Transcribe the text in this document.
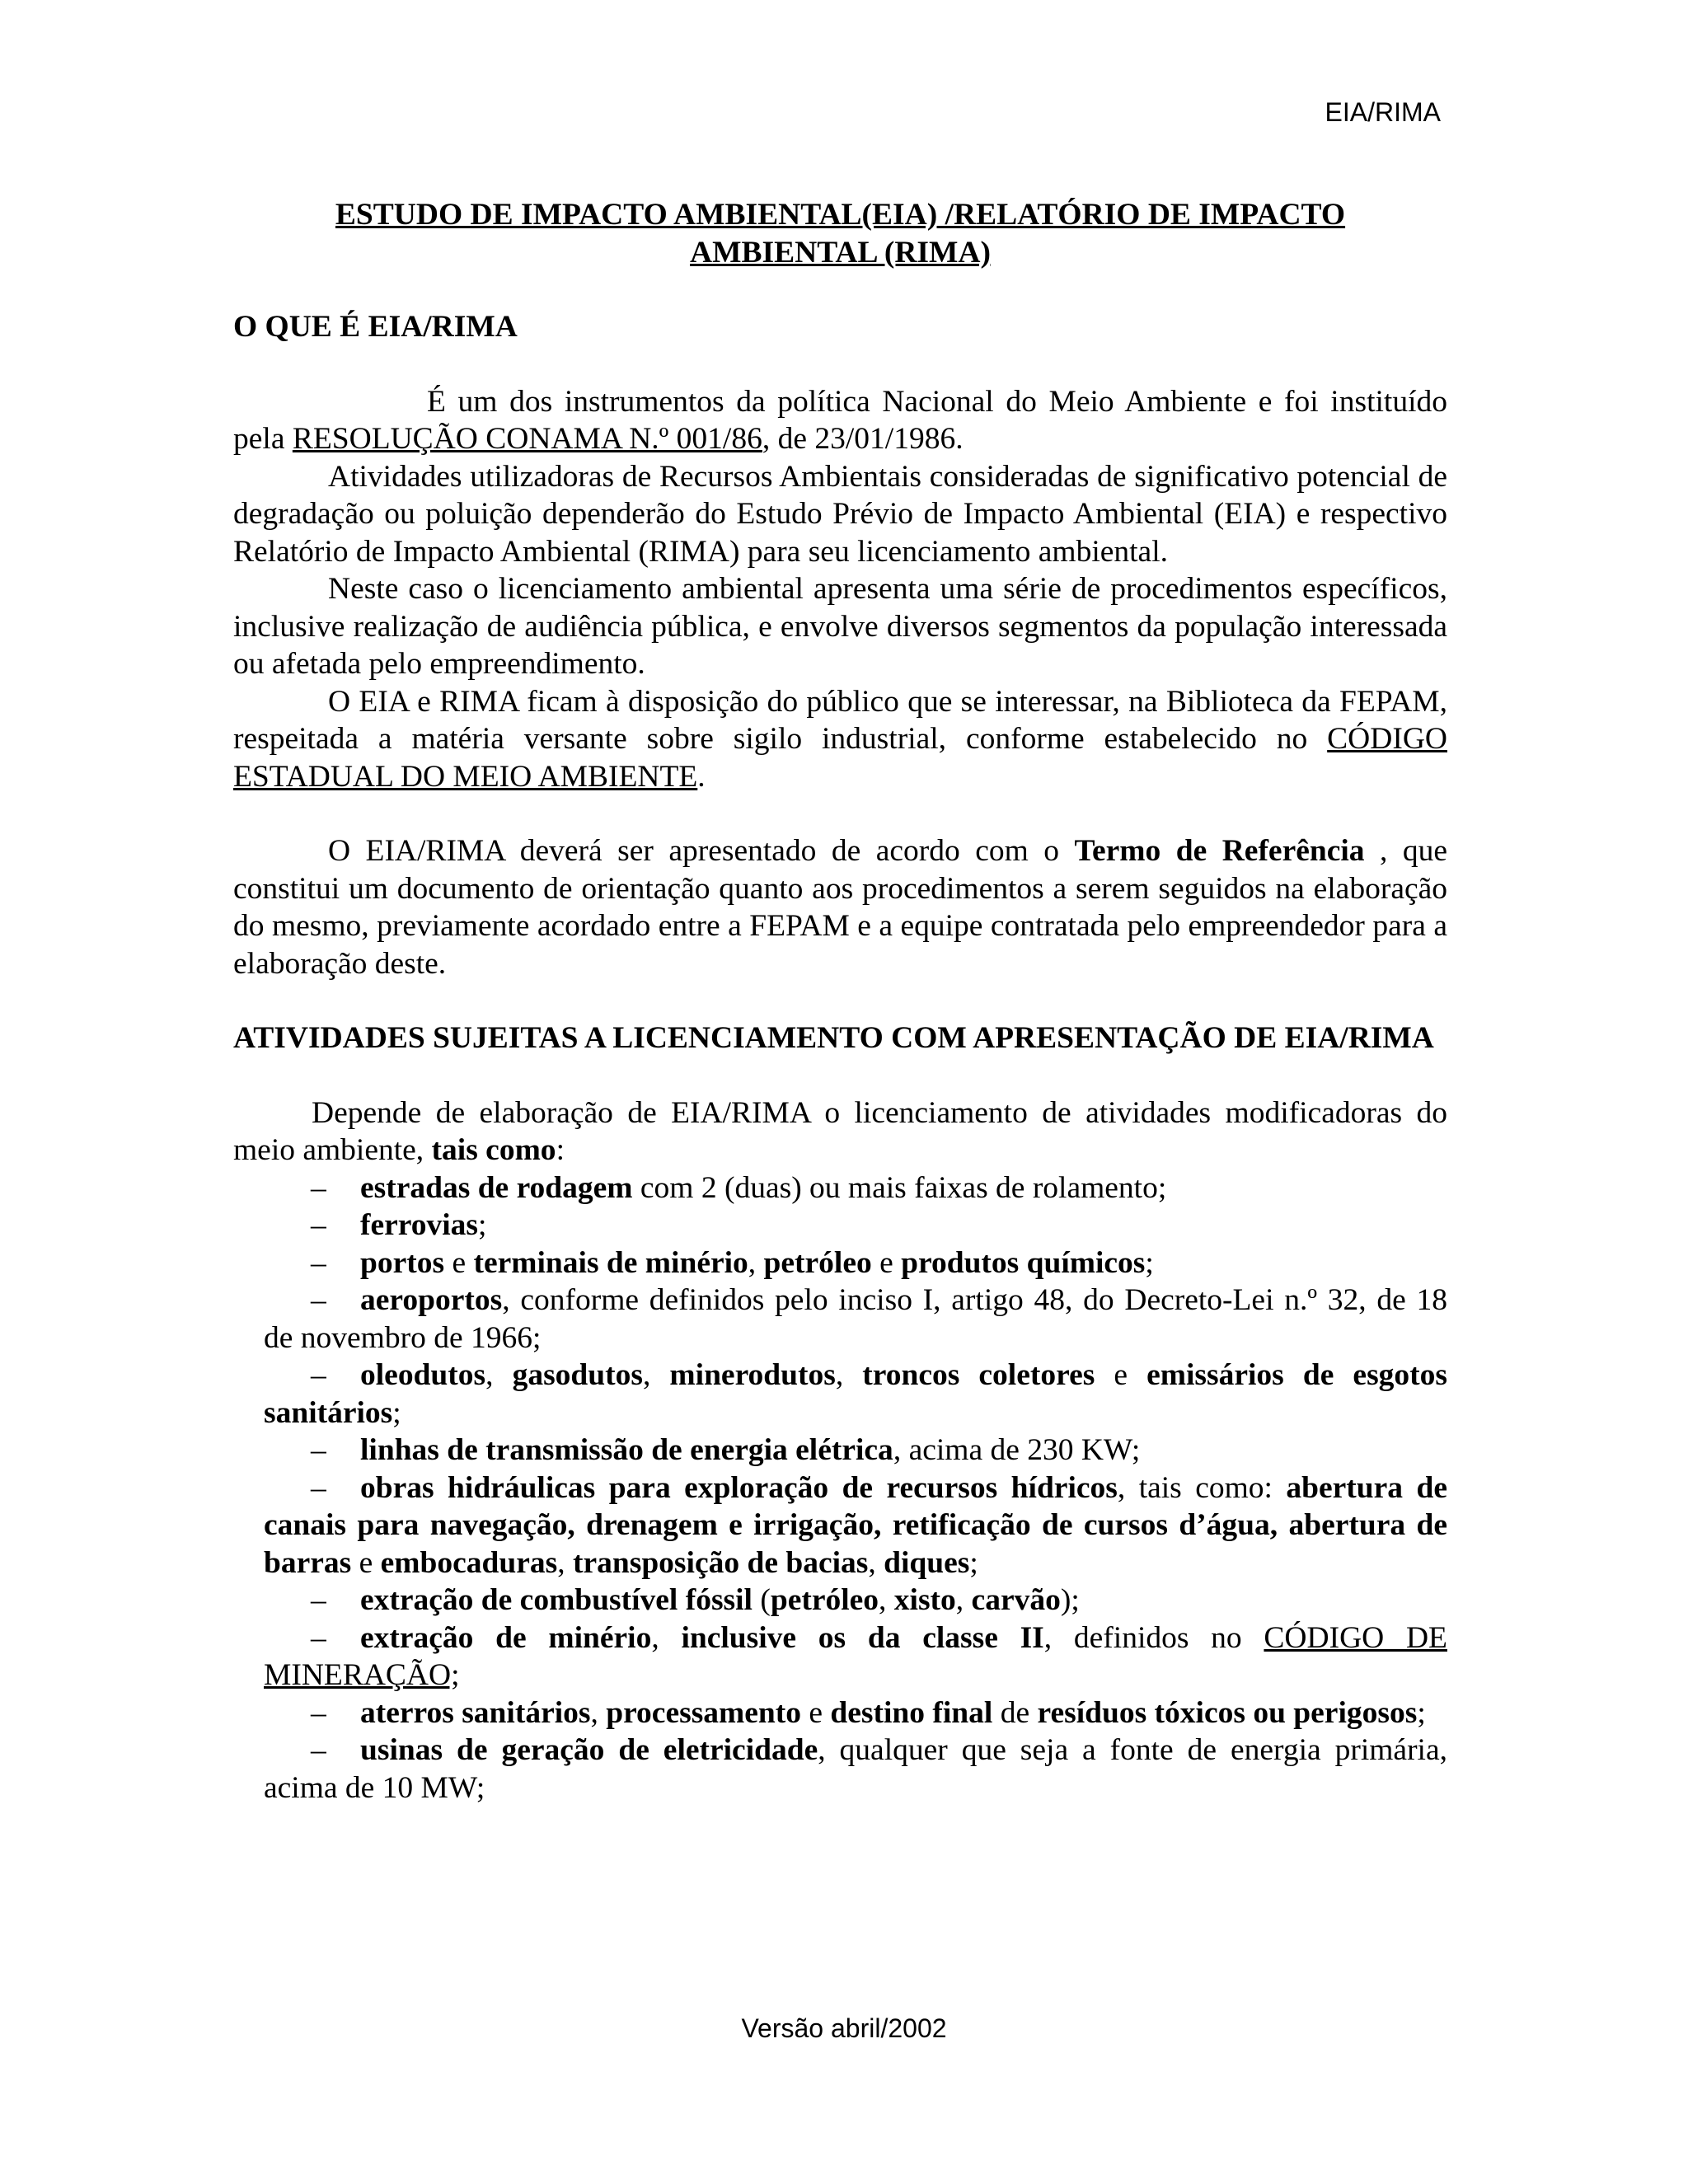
EIA/RIMA

ESTUDO DE IMPACTO AMBIENTAL(EIA) /RELATÓRIO DE IMPACTO

AMBIENTAL (RIMA)

O QUE É EIA/RIMA

É um dos instrumentos da política Nacional do Meio Ambiente e foi instituído pela RESOLUÇÃO CONAMA N.º 001/86, de 23/01/1986.

Atividades utilizadoras de Recursos Ambientais consideradas de significativo potencial de degradação ou poluição dependerão do Estudo Prévio de Impacto Ambiental (EIA) e respectivo Relatório de Impacto Ambiental (RIMA) para seu licenciamento ambiental.

Neste caso o licenciamento ambiental apresenta uma série de procedimentos específicos, inclusive realização de audiência pública, e envolve diversos segmentos da população interessada ou afetada pelo empreendimento.

O EIA e RIMA ficam à disposição do público que se interessar, na Biblioteca da FEPAM, respeitada a matéria versante sobre sigilo industrial, conforme estabelecido no CÓDIGO ESTADUAL DO MEIO AMBIENTE.

O EIA/RIMA deverá ser apresentado de acordo com o Termo de Referência , que constitui um documento de orientação quanto aos procedimentos a serem seguidos na elaboração do mesmo, previamente acordado entre a FEPAM e a equipe contratada pelo empreendedor para a elaboração deste.

ATIVIDADES SUJEITAS A LICENCIAMENTO COM APRESENTAÇÃO DE EIA/RIMA

Depende de elaboração de EIA/RIMA o licenciamento de atividades modificadoras do meio ambiente, tais como:

– estradas de rodagem com 2 (duas) ou mais faixas de rolamento;
– ferrovias;
– portos e terminais de minério, petróleo e produtos químicos;
– aeroportos, conforme definidos pelo inciso I, artigo 48, do Decreto-Lei n.º 32, de 18 de novembro de 1966;
– oleodutos, gasodutos, minerodutos, troncos coletores e emissários de esgotos sanitários;
– linhas de transmissão de energia elétrica, acima de 230 KW;
– obras hidráulicas para exploração de recursos hídricos, tais como: abertura de canais para navegação, drenagem e irrigação, retificação de cursos d’água, abertura de barras e embocaduras, transposição de bacias, diques;
– extração de combustível fóssil (petróleo, xisto, carvão);
– extração de minério, inclusive os da classe II, definidos no CÓDIGO DE MINERAÇÃO;
– aterros sanitários, processamento e destino final de resíduos tóxicos ou perigosos;
– usinas de geração de eletricidade, qualquer que seja a fonte de energia primária, acima de 10 MW;
Versão abril/2002
